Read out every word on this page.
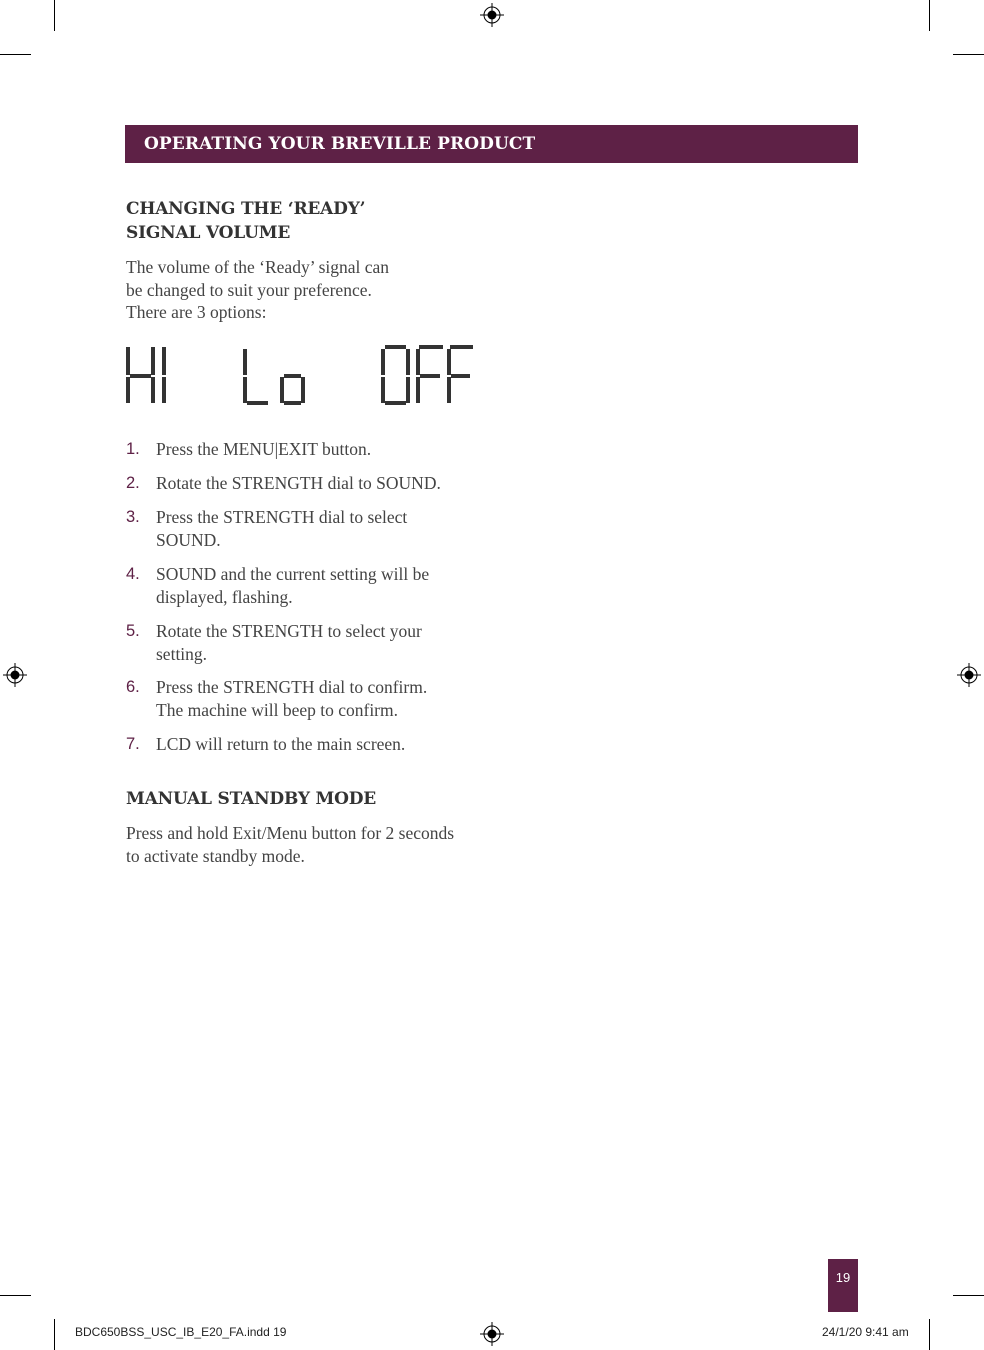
OPERATING YOUR BREVILLE PRODUCT
CHANGING THE ‘READY’
SIGNAL VOLUME
The volume of the ‘Ready’ signal can
be changed to suit your preference.
There are 3 options:
1. Press the MENU|EXIT button.
2. Rotate the STRENGTH dial to SOUND.
3. Press the STRENGTH dial to select
SOUND.
4. SOUND and the current setting will be
displayed, flashing.
5. Rotate the STRENGTH to select your
setting.
6. Press the STRENGTH dial to confirm.
The machine will beep to confirm.
7. LCD will return to the main screen.
MANUAL STANDBY MODE
Press and hold Exit/Menu button for 2 seconds
to activate standby mode.
19
BDC650BSS_USC_IB_E20_FA.indd 19	24/1/20 9:41 am
